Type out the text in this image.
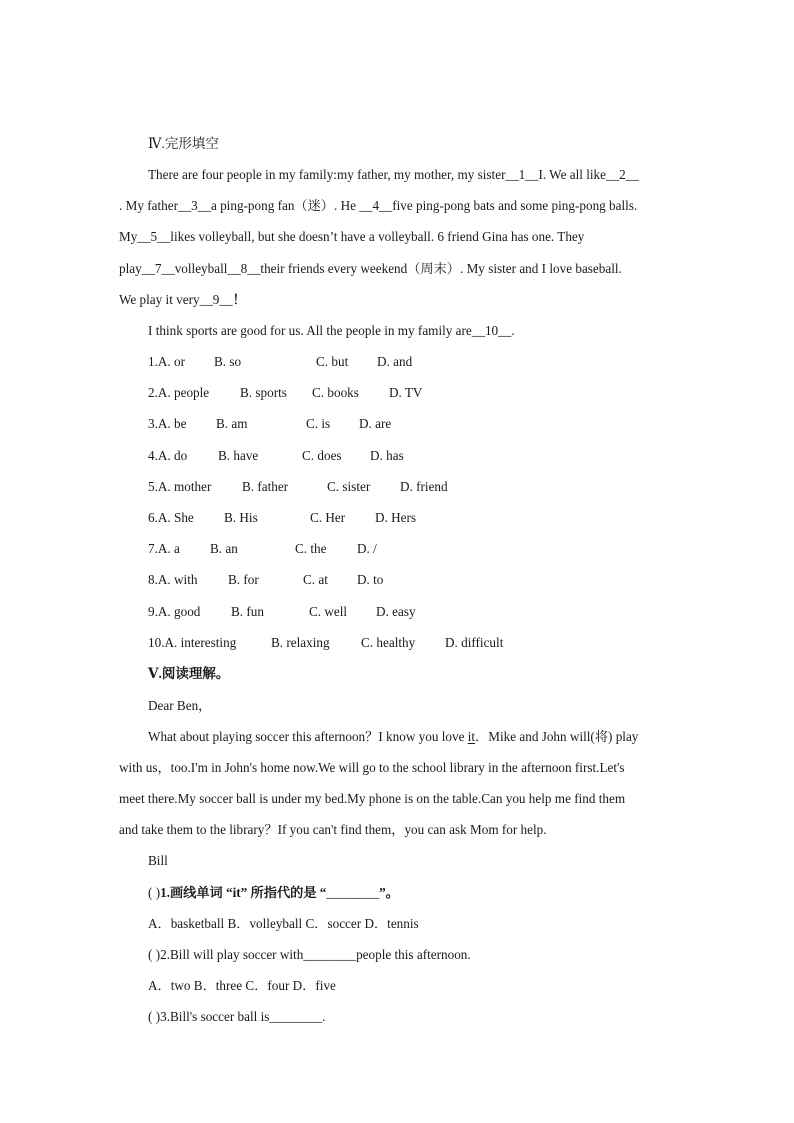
Ⅳ.完形填空
There are four people in my family:my father, my mother, my sister__1__I. We all like__2__
. My father__3__a ping-pong fan（迷）. He __4__five ping-pong bats and some ping-pong balls.
My__5__likes volleyball, but she doesn’t have a volleyball. 6 friend Gina has one. They
play__7__volleyball__8__their friends every weekend（周末）. My sister and I love baseball.
We play it very__9__！
I think sports are good for us. All the people in my family are__10__.
1.A. or B. so	C. but D. and
2.A. people B. sports C. books D. TV
3.A. be B. am	C. is D. are
4.A. do B. have	C. does D. has
5.A. mother B. father	C. sister D. friend
6.A. She B. His	C. Her D. Hers
7.A. a B. an	C. the D. /
8.A. with B. for	C. at D. to
9.A. good B. fun	C. well D. easy
10.A. interesting	B. relaxing C. healthy D. difficult
Ⅴ.阅读理解。
Dear Ben，
What about playing soccer this afternoon？I know you love it．Mike and John will(将) play
with us，too.I'm in John's home now.We will go to the school library in the afternoon first.Let's
meet there.My soccer ball is under my bed.My phone is on the table.Can you help me find them
and take them to the library？If you can't find them，you can ask Mom for help.
Bill
( )1.画线单词 “it” 所指代的是 “________”。
A．basketball B．volleyball C．soccer D．tennis
( )2.Bill will play soccer with________people this afternoon.
A．two B．three C．four D．five
( )3.Bill's soccer ball is________.
